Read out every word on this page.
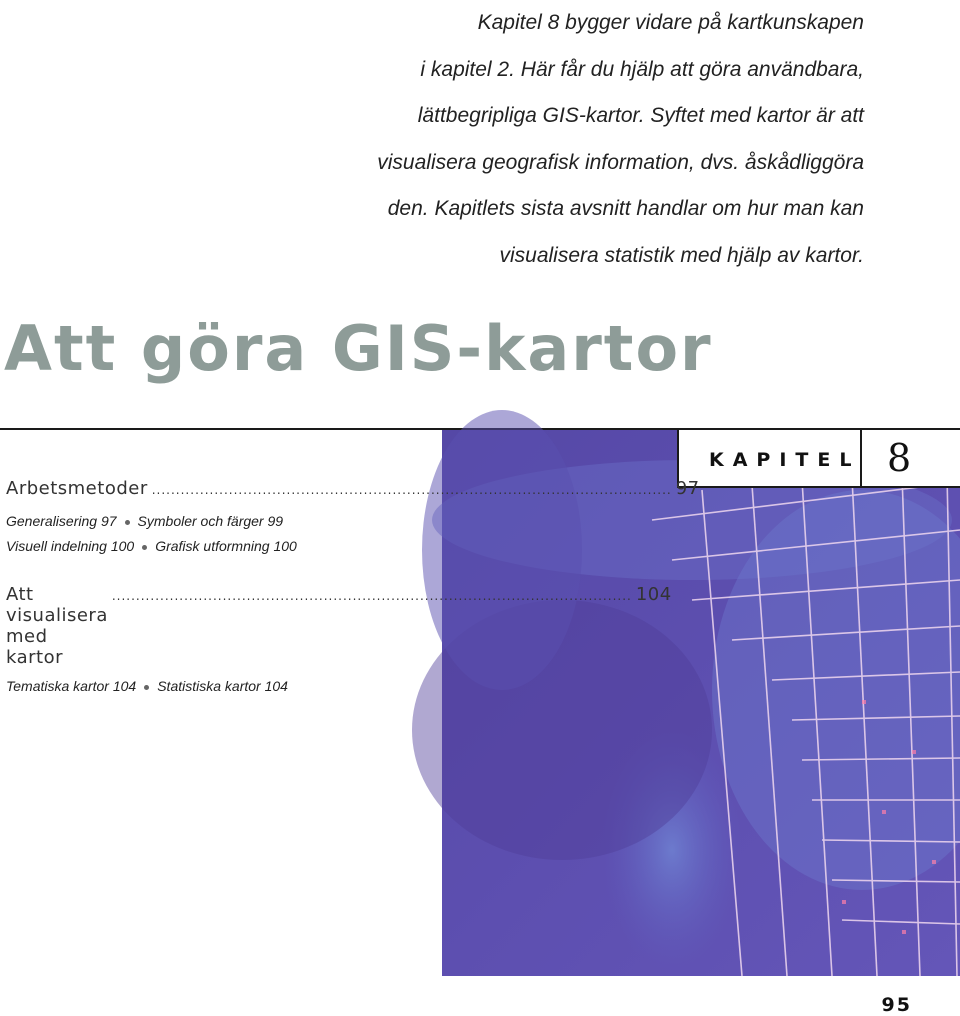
Kapitel 8 bygger vidare på kartkunskapen
i kapitel 2. Här får du hjälp att göra användbara,
lättbegripliga GIS-kartor. Syftet med kartor är att
visualisera geografisk information, dvs. åskådliggöra
den. Kapitlets sista avsnitt handlar om hur man kan
visualisera statistik med hjälp av kartor.
Att göra GIS-kartor
KAPITEL 8
Arbetsmetoder ............................................................................................................ 97
Generalisering 97 Symboler och färger 99
Visuell indelning 100 Grafisk utformning 100
Att visualisera med kartor
............................................................................................................ 104
Tematiska kartor 104 Statistiska kartor 104
95
